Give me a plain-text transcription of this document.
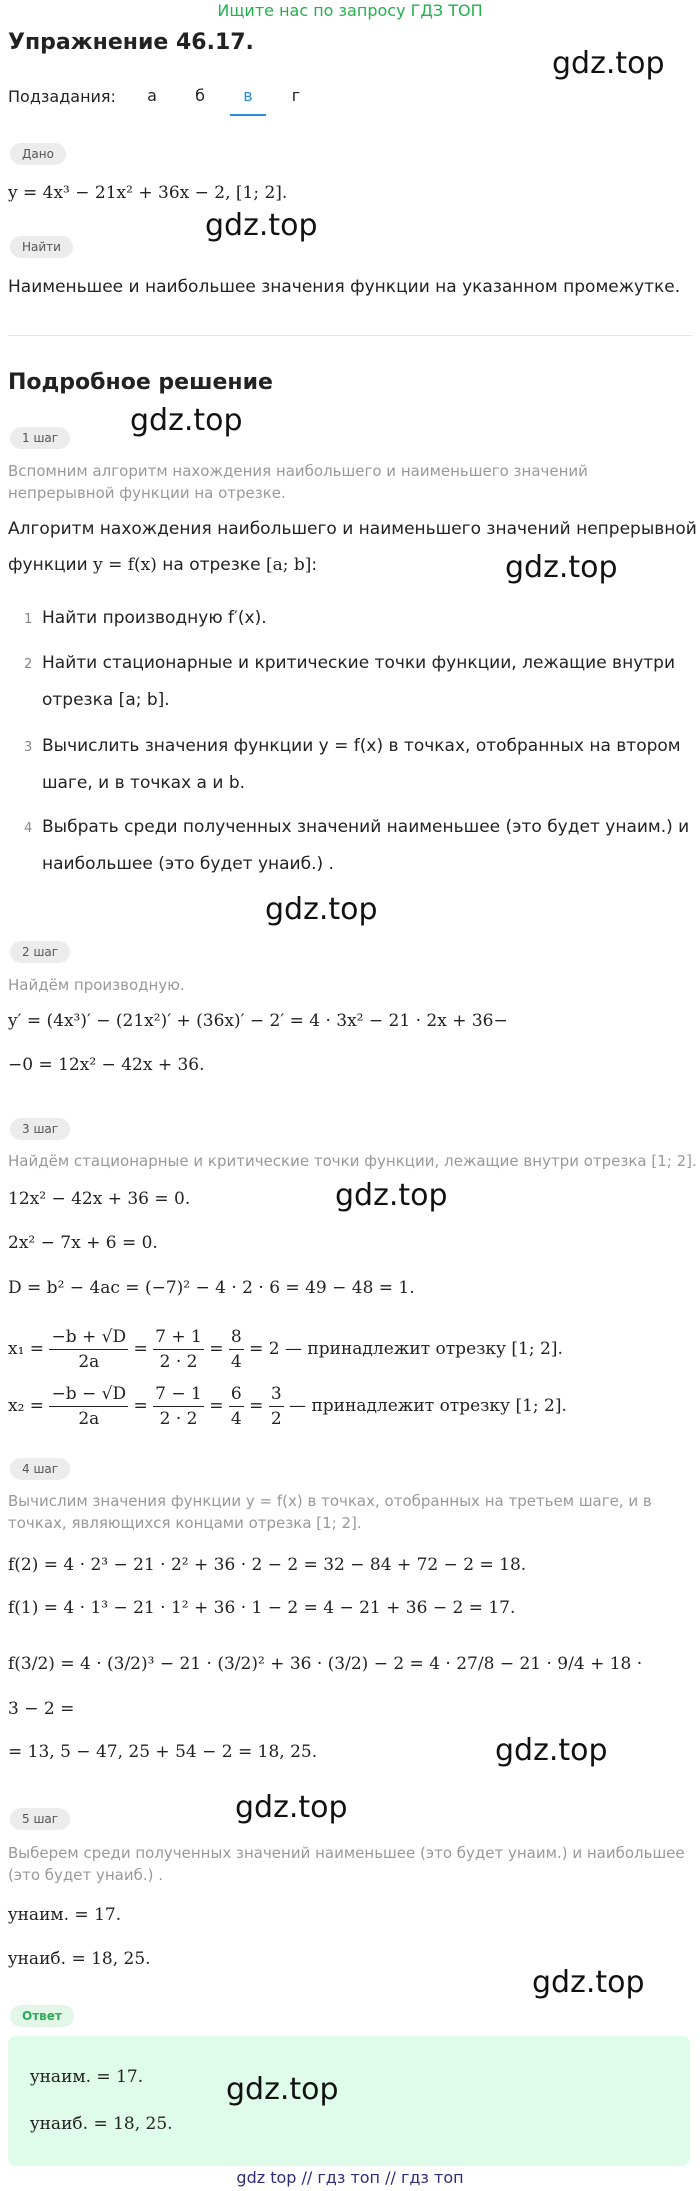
Ищите нас по запросу ГДЗ ТОП
Упражнение 46.17.
gdz.top
Подзадания:	а	б	в	г
Дано
y = 4x³ − 21x² + 36x − 2, [1; 2].
gdz.top
Найти
Наименьшее и наибольшее значения функции на указанном промежутке.
Подробное решение
gdz.top
1 шаг
Вспомним алгоритм нахождения наибольшего и наименьшего значений непрерывной функции на отрезке.
Алгоритм нахождения наибольшего и наименьшего значений непрерывной
функции y = f(x) на отрезке [a; b]:	gdz.top
1 Найти производную f′(x).
2 Найти стационарные и критические точки функции, лежащие внутри
отрезка [a; b].
3 Вычислить значения функции y = f(x) в точках, отобранных на втором
шаге, и в точках a и b.
4 Выбрать среди полученных значений наименьшее (это будет yнаим.) и
наибольшее (это будет yнаиб.) .
gdz.top
2 шаг
Найдём производную.
y′ = (4x³)′ − (21x²)′ + (36x)′ − 2′ = 4 · 3x² − 21 · 2x + 36−
−0 = 12x² − 42x + 36.
3 шаг
Найдём стационарные и критические точки функции, лежащие внутри отрезка [1; 2].
12x² − 42x + 36 = 0.	gdz.top
2x² − 7x + 6 = 0.
D = b² − 4ac = (−7)² − 4 · 2 · 6 = 49 − 48 = 1.
$x_1 = \frac{-b + √D}{2a} = \frac{7 + 1}{2 \cdot 2} = \frac{8}{4} = 2$ — принадлежит отрезку [1; 2].
$x_2 = \frac{-b - √D}{2a} = \frac{7 - 1}{2 \cdot 2} = \frac{6}{4} = \frac{3}{2}$ — принадлежит отрезку [1; 2].
4 шаг
Вычислим значения функции y = f(x) в точках, отобранных на третьем шаге, и в точках, являющихся концами отрезка [1; 2].
f(2) = 4 · 2³ − 21 · 2² + 36 · 2 − 2 = 32 − 84 + 72 − 2 = 18.
f(1) = 4 · 1³ − 21 · 1² + 36 · 1 − 2 = 4 − 21 + 36 − 2 = 17.
f(3/2) = 4 · (3/2)³ − 21 · (3/2)² + 36 · (3/2) − 2 = 4 · 27/8 − 21 · 9/4 + 18 ·
3 − 2 =
= 13, 5 − 47, 25 + 54 − 2 = 18, 25.	gdz.top
gdz.top
5 шаг
Выберем среди полученных значений наименьшее (это будет yнаим.) и наибольшее (это будет yнаиб.) .
yнаим. = 17.
yнаиб. = 18, 25.
gdz.top
Ответ
yнаим. = 17.
yнаиб. = 18, 25.
gdz.top
gdz top // гдз топ // гдз топ
